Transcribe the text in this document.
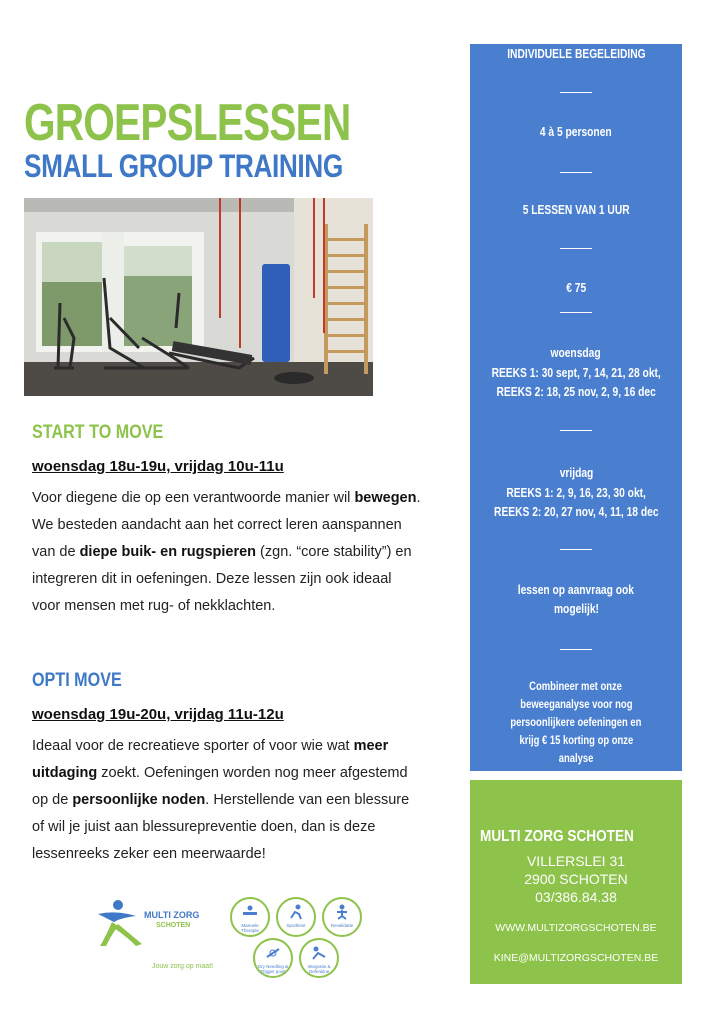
GROEPSLESSEN
SMALL GROUP TRAINING
START TO MOVE
woensdag 18u-19u, vrijdag 10u-11u
Voor diegene die op een verantwoorde manier wil bewegen. We besteden aandacht aan het correct leren aanspannen van de diepe buik- en rugspieren (zgn. “core stability”) en integreren dit in oefeningen. Deze lessen zijn ook ideaal voor mensen met rug- of nekklachten.
OPTI MOVE
woensdag 19u-20u, vrijdag 11u-12u
Ideaal voor de recreatieve sporter of voor wie wat meer uitdaging zoekt. Oefeningen worden nog meer afgestemd op de persoonlijke noden. Herstellende van een blessure of wil je juist aan blessurepreventie doen, dan is deze lessenreeks zeker een meerwaarde!
INDIVIDUELE BEGELEIDING
4 à 5 personen
5 LESSEN VAN 1 UUR
€ 75
woensdag
REEKS 1: 30 sept, 7, 14, 21, 28 okt,
REEKS 2: 18, 25 nov, 2, 9, 16 dec
vrijdag
REEKS 1: 2, 9, 16, 23, 30 okt,
REEKS 2: 20, 27 nov, 4, 11, 18 dec
lessen op aanvraag ook
mogelijk!
Combineer met onze
beweeganalyse voor nog
persoonlijkere oefeningen en
krijg € 15 korting op onze
analyse
MULTI ZORG SCHOTEN
VILLERSLEI 31
2900 SCHOTEN
03/386.84.38
WWW.MULTIZORGSCHOTEN.BE
KINE@MULTIZORGSCHOTEN.BE
MULTI ZORG
SCHOTEN
Jouw zorg op maat!
Manuele Therapie
Sportkine	Revalidatie
Dry Needling & Trigger point
Integratie & Oefenkine
